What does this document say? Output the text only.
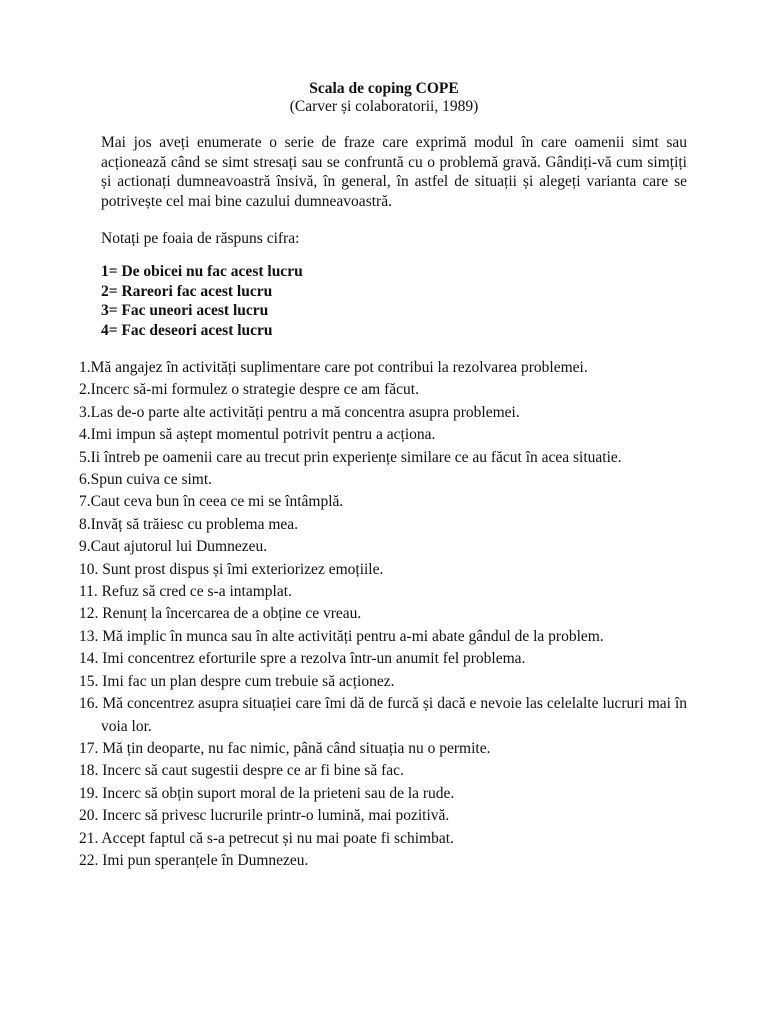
Scala de coping COPE
(Carver și colaboratorii, 1989)

Mai jos aveți enumerate o serie de fraze care exprimă modul în care oamenii simt sau acționează când se simt stresați sau se confruntă cu o problemă gravă. Gândiți-vă cum simțiți și actionați dumneavoastră însivă, în general, în astfel de situații și alegeți varianta care se potrivește cel mai bine cazului dumneavoastră.

Notați pe foaia de răspuns cifra:

1= De obicei nu fac acest lucru
2= Rareori fac acest lucru
3= Fac uneori acest lucru
4= Fac deseori acest lucru
1.Mă angajez în activități suplimentare care pot contribui la rezolvarea problemei.
2.Incerc să-mi formulez o strategie despre ce am făcut.
3.Las de-o parte alte activități pentru a mă concentra asupra problemei.
4.Imi impun să aștept momentul potrivit pentru a acționa.
5.Ii întreb pe oamenii care au trecut prin experiențe similare ce au făcut în acea situatie.
6.Spun cuiva ce simt.
7.Caut ceva bun în ceea ce mi se întâmplă.
8.Invăț să trăiesc cu problema mea.
9.Caut ajutorul lui Dumnezeu.
10. Sunt prost dispus și îmi exteriorizez emoțiile.
11. Refuz să cred ce s-a intamplat.
12. Renunț la încercarea de a obține ce vreau.
13. Mă implic în munca sau în alte activități pentru a-mi abate gândul de la problem.
14. Imi concentrez eforturile spre a rezolva într-un anumit fel problema.
15. Imi fac un plan despre cum trebuie să acționez.
16. Mă concentrez asupra situației care îmi dă de furcă și dacă e nevoie las celelalte lucruri mai în voia lor.
17. Mă țin deoparte, nu fac nimic, până când situația nu o permite.
18. Incerc să caut sugestii despre ce ar fi bine să fac.
19. Incerc să obțin suport moral de la prieteni sau de la rude.
20. Incerc să privesc lucrurile printr-o lumină, mai pozitivă.
21. Accept faptul că s-a petrecut și nu mai poate fi schimbat.
22. Imi pun speranțele în Dumnezeu.
